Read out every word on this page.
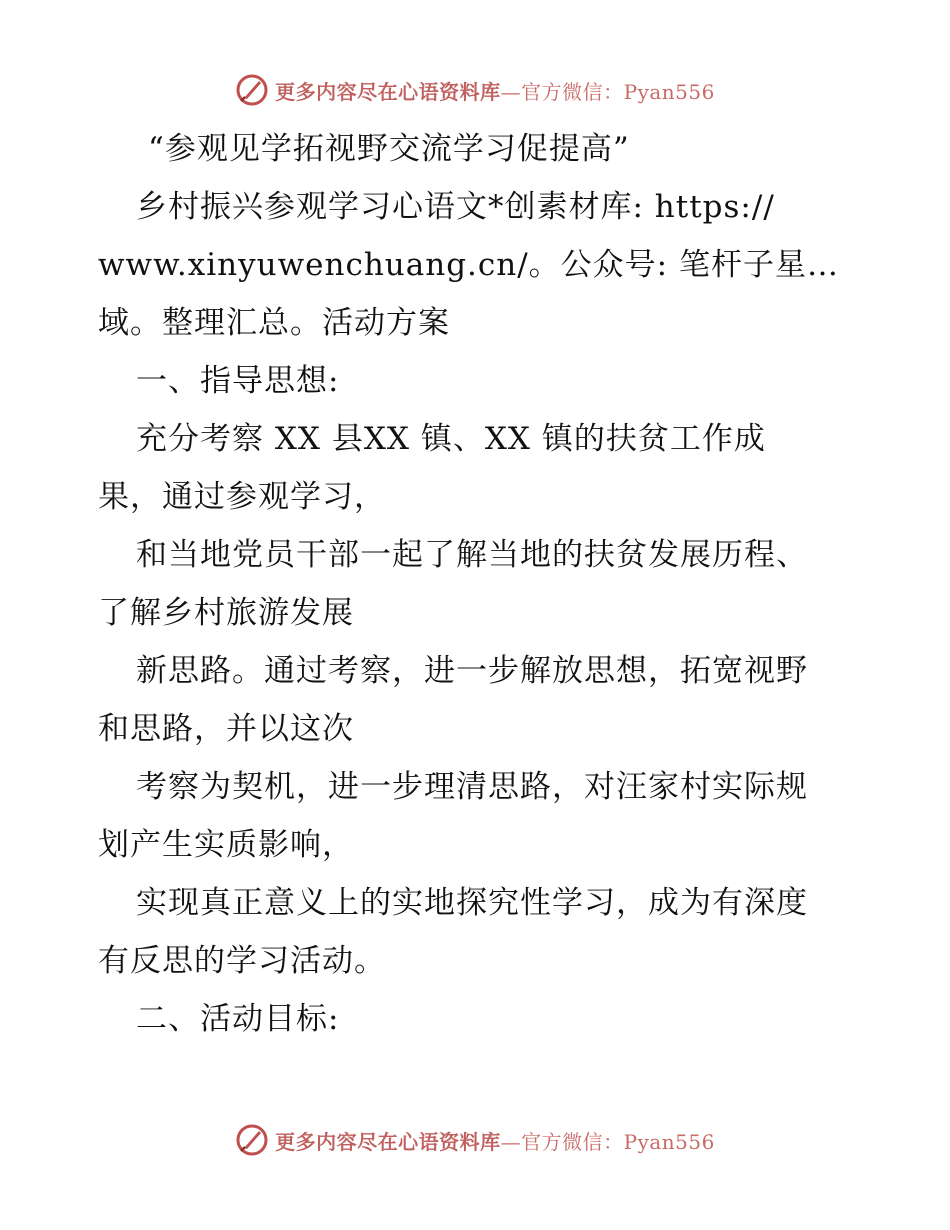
更多内容尽在心语资料库—官方微信：Pyan556
“参观见学拓视野交流学习促提高”
乡村振兴参观学习心语文*创素材库: https://
www.xinyuwenchuang.cn/。公众号: 笔杆子星…
域。整理汇总。活动方案
一、指导思想:
充分考察 XX 县XX 镇、XX 镇的扶贫工作成
果，通过参观学习，
和当地党员干部一起了解当地的扶贫发展历程、
了解乡村旅游发展
新思路。通过考察，进一步解放思想，拓宽视野
和思路，并以这次
考察为契机，进一步理清思路，对汪家村实际规
划产生实质影响，
实现真正意义上的实地探究性学习，成为有深度
有反思的学习活动。
二、活动目标:
更多内容尽在心语资料库—官方微信：Pyan556
